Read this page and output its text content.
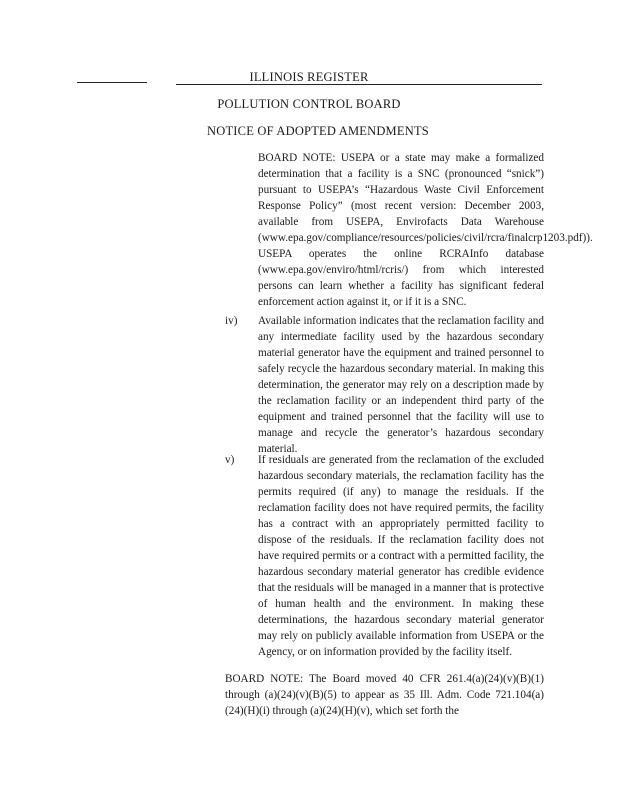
ILLINOIS REGISTER
POLLUTION CONTROL BOARD
NOTICE OF ADOPTED AMENDMENTS
BOARD NOTE: USEPA or a state may make a formalized determination that a facility is a SNC (pronounced “snick”) pursuant to USEPA’s “Hazardous Waste Civil Enforcement Response Policy” (most recent version: December 2003, available from USEPA, Envirofacts Data Warehouse (www.epa.gov/compliance/resources/policies/civil/rcra/finalcrp1203.pdf)). USEPA operates the online RCRAInfo database (www.epa.gov/enviro/html/rcris/) from which interested persons can learn whether a facility has significant federal enforcement action against it, or if it is a SNC.
iv) Available information indicates that the reclamation facility and any intermediate facility used by the hazardous secondary material generator have the equipment and trained personnel to safely recycle the hazardous secondary material. In making this determination, the generator may rely on a description made by the reclamation facility or an independent third party of the equipment and trained personnel that the facility will use to manage and recycle the generator’s hazardous secondary material.
v) If residuals are generated from the reclamation of the excluded hazardous secondary materials, the reclamation facility has the permits required (if any) to manage the residuals. If the reclamation facility does not have required permits, the facility has a contract with an appropriately permitted facility to dispose of the residuals. If the reclamation facility does not have required permits or a contract with a permitted facility, the hazardous secondary material generator has credible evidence that the residuals will be managed in a manner that is protective of human health and the environment. In making these determinations, the hazardous secondary material generator may rely on publicly available information from USEPA or the Agency, or on information provided by the facility itself.
BOARD NOTE: The Board moved 40 CFR 261.4(a)(24)(v)(B)(1) through (a)(24)(v)(B)(5) to appear as 35 Ill. Adm. Code 721.104(a)(24)(H)(i) through (a)(24)(H)(v), which set forth the
